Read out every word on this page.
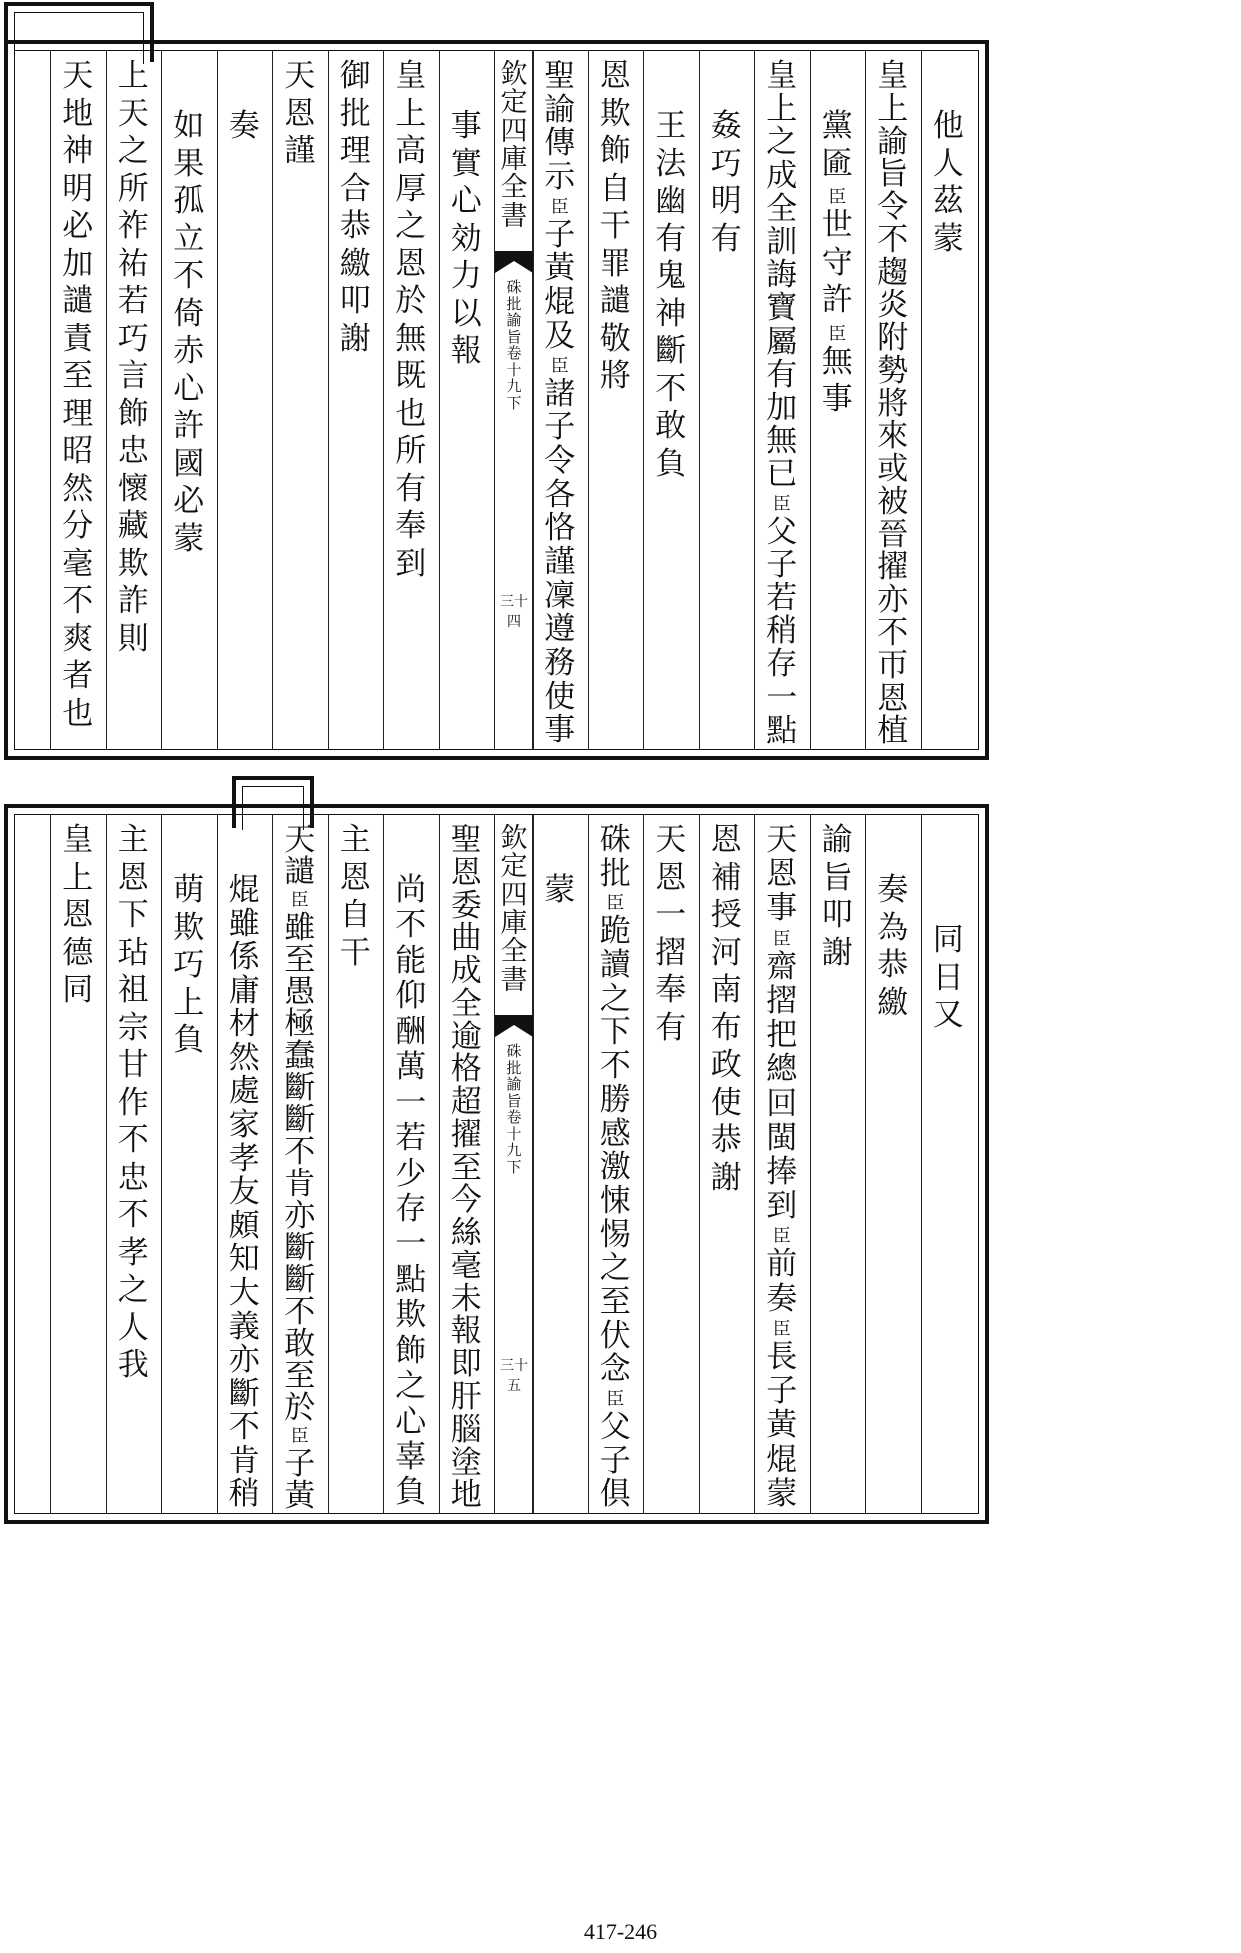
他
人
茲
蒙
皇
上
諭
旨
令
不
趨
炎
附
勢
將
來
或
被
晉
擢
亦
不
帀
恩
植
黨
匬
臣
世
守
許
臣
無
事
皇
上
之
成
全
訓
誨
寶
屬
有
加
無
已
臣
父
子
若
稍
存
一
點
姦
巧
明
有
王
法
幽
有
鬼
神
斷
不
敢
負
恩
欺
飾
自
干
罪
譴
敬
將
聖
諭
傳
示
臣
子
黃
焜
及
臣
諸
子
令
各
恪
謹
凜
遵
務
使
事
欽
定
四
庫
全
書
硃
批
諭
旨
卷
十
九
下
三十四
事
實
心
効
力
以
報
皇
上
高
厚
之
恩
於
無
既
也
所
有
奉
到
御
批
理
合
恭
繳
叩
謝
天
恩
謹
奏
如
果
孤
立
不
倚
赤
心
許
國
必
蒙
上
天
之
所
祚
祐
若
巧
言
飾
忠
懷
藏
欺
詐
則
天
地
神
明
必
加
譴
責
至
理
昭
然
分
毫
不
爽
者
也
同
日
又
奏
為
恭
繳
諭
旨
叩
謝
天
恩
事
臣
齋
摺
把
總
回
閩
捧
到
臣
前
奏
臣
長
子
黃
焜
蒙
恩
補
授
河
南
布
政
使
恭
謝
天
恩
一
摺
奉
有
硃
批
臣
跪
讀
之
下
不
勝
感
激
悚
惕
之
至
伏
念
臣
父
子
俱
蒙
欽
定
四
庫
全
書
硃
批
諭
旨
卷
十
九
下
三十五
聖
恩
委
曲
成
全
逾
格
超
擢
至
今
絲
毫
未
報
即
肝
腦
塗
地
尚
不
能
仰
酬
萬
一
若
少
存
一
點
欺
飾
之
心
辜
負
主
恩
自
干
天
譴
臣
雖
至
愚
極
蠢
斷
斷
不
肯
亦
斷
斷
不
敢
至
於
臣
子
黃
焜
雖
係
庸
材
然
處
家
孝
友
頗
知
大
義
亦
斷
不
肯
稍
萌
欺
巧
上
負
主
恩
下
玷
祖
宗
甘
作
不
忠
不
孝
之
人
我
皇
上
恩
德
同
417-246
